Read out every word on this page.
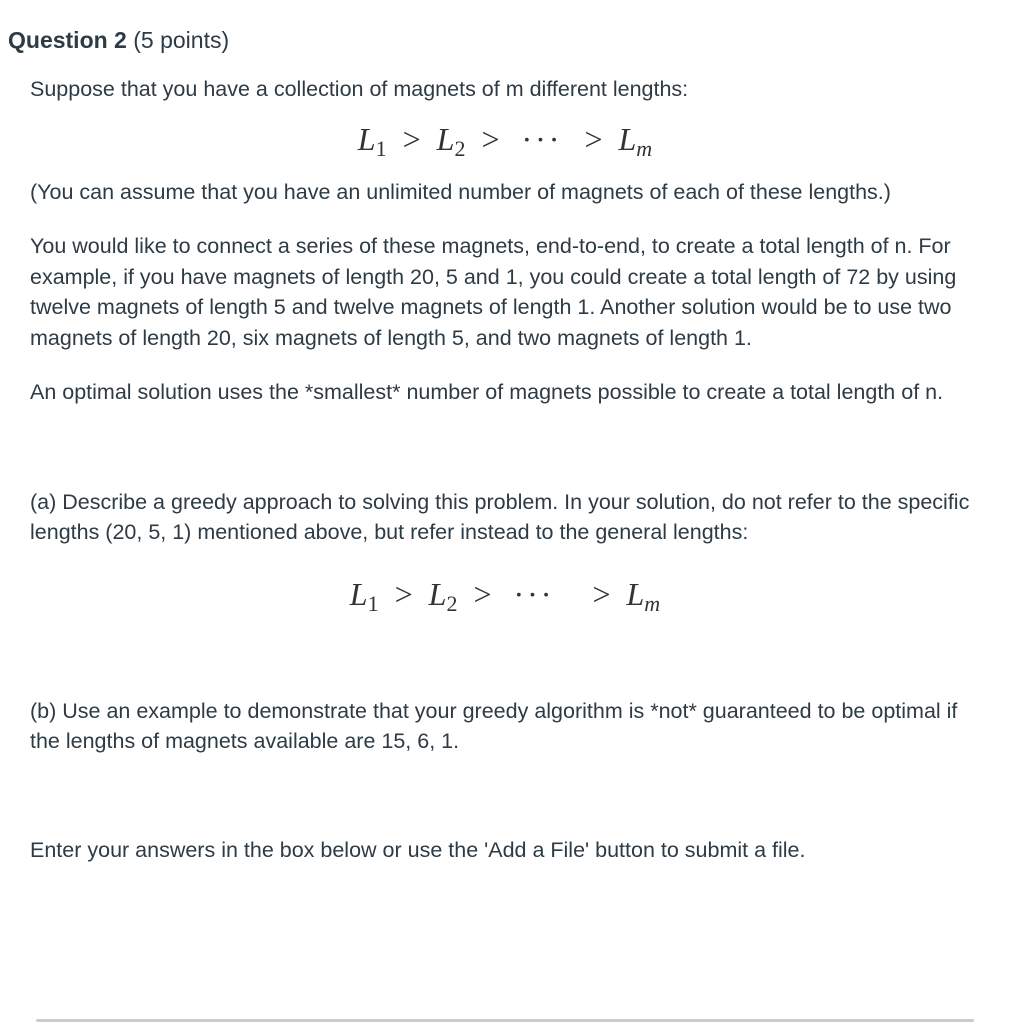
Question 2 (5 points)

Suppose that you have a collection of magnets of m different lengths:

$L_1 > L_2$ > ··· > $L_m$

(You can assume that you have an unlimited number of magnets of each of these lengths.)

You would like to connect a series of these magnets, end-to-end, to create a total length of n. For example, if you have magnets of length 20, 5 and 1, you could create a total length of 72 by using twelve magnets of length 5 and twelve magnets of length 1. Another solution would be to use two magnets of length 20, six magnets of length 5, and two magnets of length 1.

An optimal solution uses the *smallest* number of magnets possible to create a total length of n.

(a) Describe a greedy approach to solving this problem. In your solution, do not refer to the specific lengths (20, 5, 1) mentioned above, but refer instead to the general lengths:

$L_1 > L_2$ > ··· > $L_m$

(b) Use an example to demonstrate that your greedy algorithm is *not* guaranteed to be optimal if the lengths of magnets available are 15, 6, 1.

Enter your answers in the box below or use the 'Add a File' button to submit a file.
